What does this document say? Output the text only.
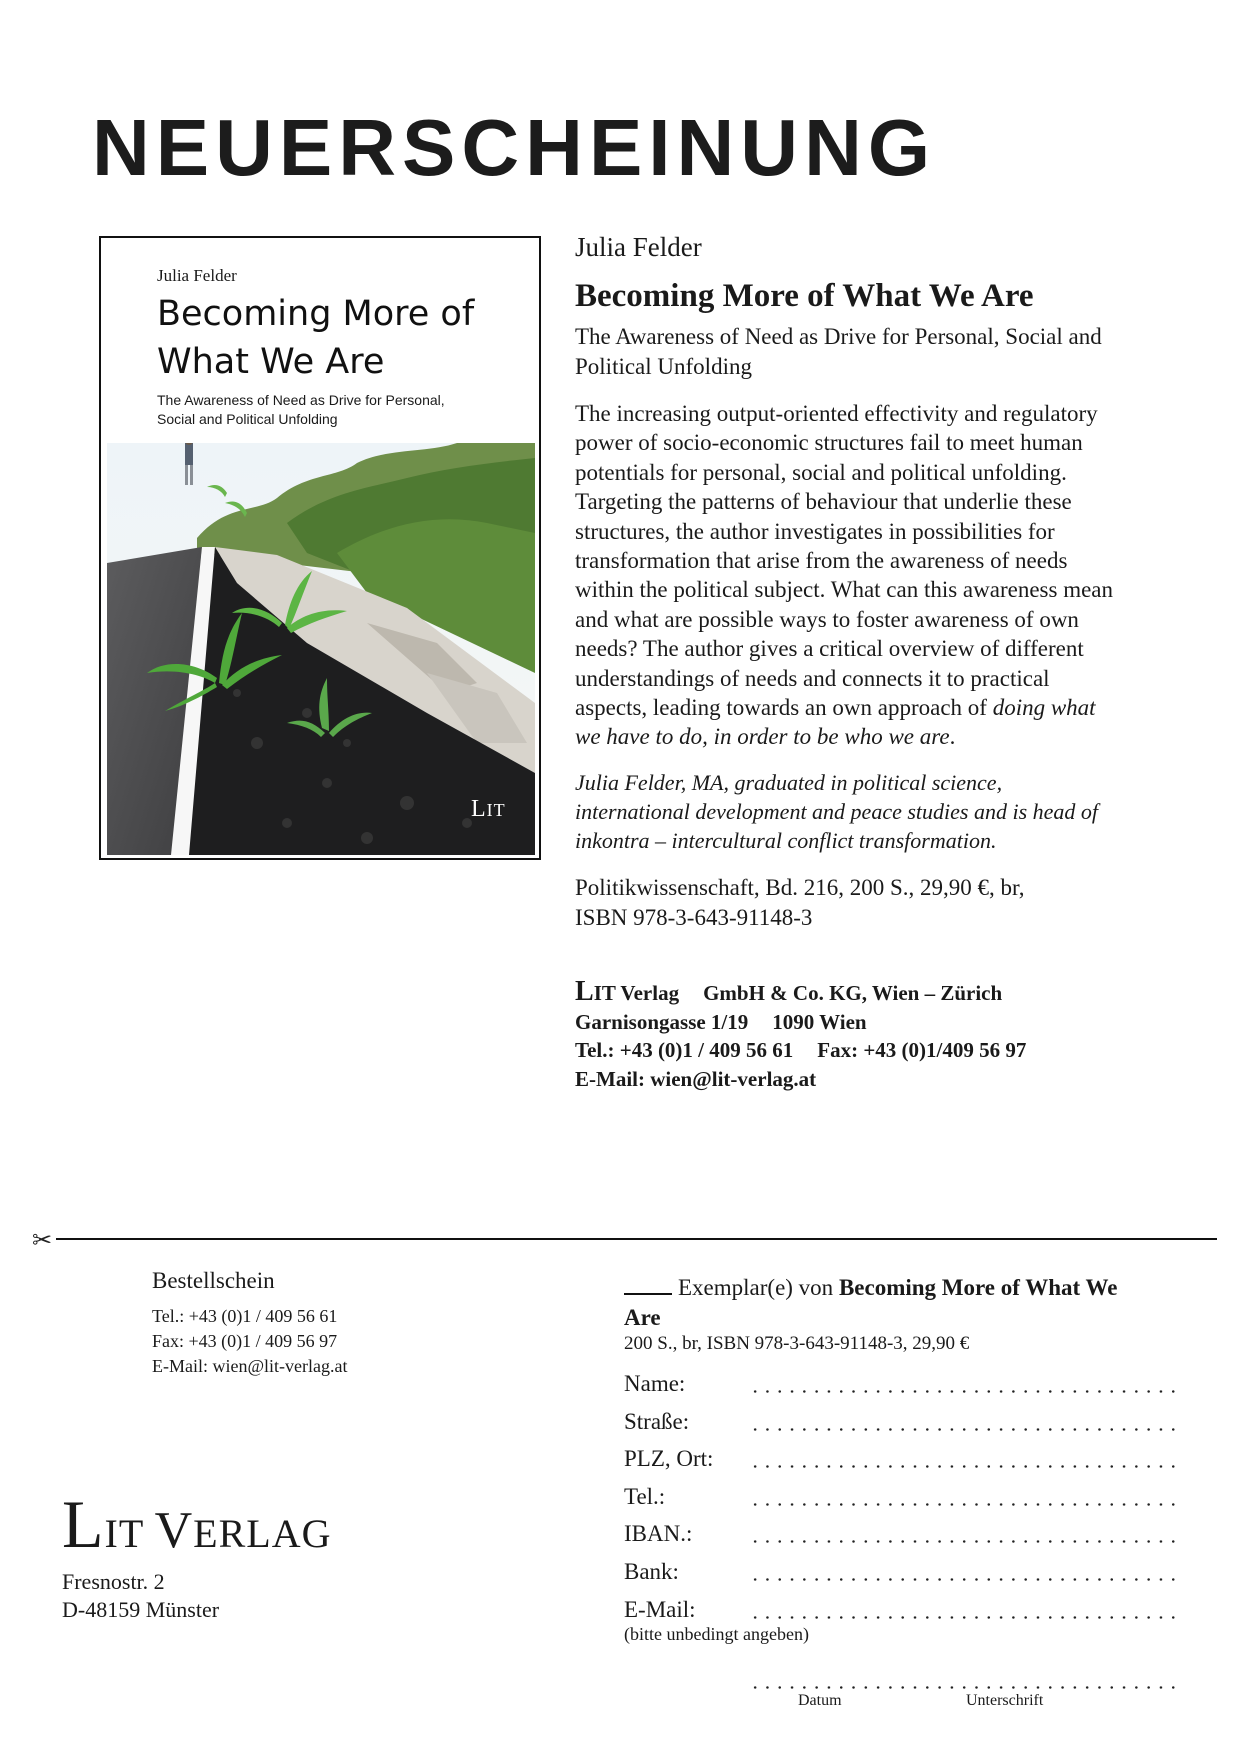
NEUERSCHEINUNG
Julia Felder
Becoming More of
What We Are
The Awareness of Need as Drive for Personal,
Social and Political Unfolding
LIT
Julia Felder
Becoming More of What We Are
The Awareness of Need as Drive for Personal, Social and
Political Unfolding
The increasing output-oriented effectivity and regulatory
power of socio-economic structures fail to meet human
potentials for personal, social and political unfolding.
Targeting the patterns of behaviour that underlie these
structures, the author investigates in possibilities for
transformation that arise from the awareness of needs
within the political subject. What can this awareness mean
and what are possible ways to foster awareness of own
needs? The author gives a critical overview of different
understandings of needs and connects it to practical
aspects, leading towards an own approach of doing what
we have to do, in order to be who we are.
Julia Felder, MA, graduated in political science,
international development and peace studies and is head of
inkontra – intercultural conflict transformation.
Politikwissenschaft, Bd. 216, 200 S., 29,90 €, br,
ISBN 978-3-643-91148-3
LIT Verlag GmbH & Co. KG, Wien – Zürich
Garnisongasse 1/19 1090 Wien
Tel.: +43 (0)1 / 409 56 61 Fax: +43 (0)1/409 56 97
E-Mail: wien@lit-verlag.at
✂
Bestellschein
Tel.: +43 (0)1 / 409 56 61
Fax: +43 (0)1 / 409 56 97
E-Mail: wien@lit-verlag.at
LIT VERLAG
Fresnostr. 2
D-48159 Münster
Exemplar(e) von Becoming More of What We
Are
200 S., br, ISBN 978-3-643-91148-3, 29,90 €
Name:
Straße:
PLZ, Ort:
Tel.:
IBAN.:
Bank:
E-Mail:
(bitte unbedingt angeben)
Datum	Unterschrift
